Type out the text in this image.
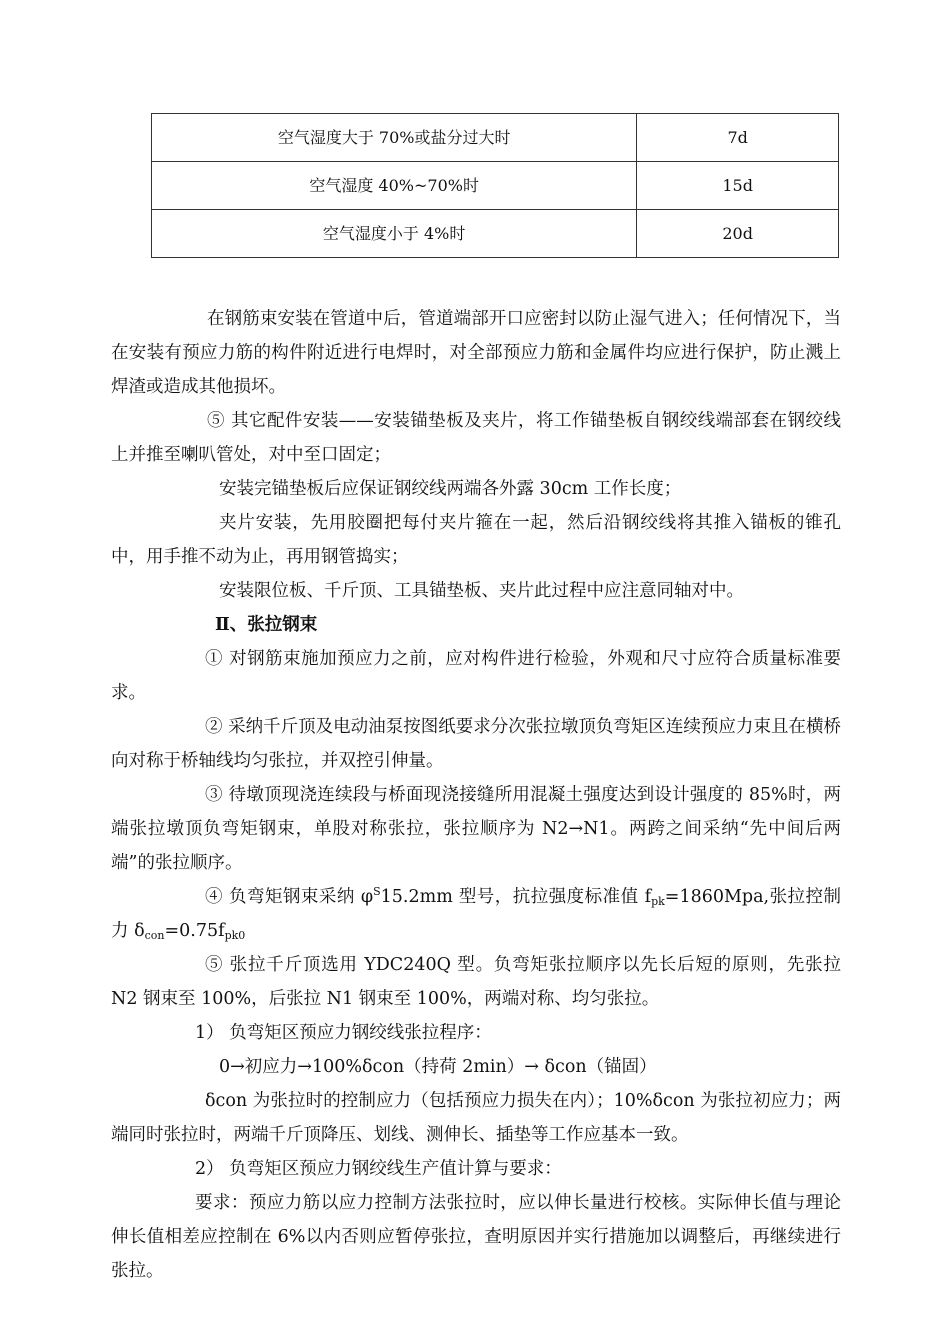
空气湿度大于 70%或盐分过大时	7d
空气湿度 40%~70%时	15d
空气湿度小于 4%时	20d

在钢筋束安装在管道中后，管道端部开口应密封以防止湿气进入；任何情况下，当在安装有预应力筋的构件附近进行电焊时，对全部预应力筋和金属件均应进行保护，防止溅上焊渣或造成其他损坏。

⑤ 其它配件安装——安装锚垫板及夹片，将工作锚垫板自钢绞线端部套在钢绞线上并推至喇叭管处，对中至口固定；

安装完锚垫板后应保证钢绞线两端各外露 30cm 工作长度；

夹片安装，先用胶圈把每付夹片箍在一起，然后沿钢绞线将其推入锚板的锥孔中，用手推不动为止，再用钢管捣实；

安装限位板、千斤顶、工具锚垫板、夹片此过程中应注意同轴对中。

Ⅱ、张拉钢束

① 对钢筋束施加预应力之前，应对构件进行检验，外观和尺寸应符合质量标准要求。

② 采纳千斤顶及电动油泵按图纸要求分次张拉墩顶负弯矩区连续预应力束且在横桥向对称于桥轴线均匀张拉，并双控引伸量。

③ 待墩顶现浇连续段与桥面现浇接缝所用混凝土强度达到设计强度的 85%时，两端张拉墩顶负弯矩钢束，单股对称张拉，张拉顺序为 N2→N1。两跨之间采纳“先中间后两端”的张拉顺序。

④ 负弯矩钢束采纳 $\varphi^S15.2mm$ 型号，抗拉强度标准值 $f_{pk}=1860Mpa$,张拉控制力 $\delta_{con}=0.75f_{pk0}$

⑤ 张拉千斤顶选用 YDC240Q 型。负弯矩张拉顺序以先长后短的原则，先张拉 N2 钢束至 100%，后张拉 N1 钢束至 100%，两端对称、均匀张拉。

1） 负弯矩区预应力钢绞线张拉程序：

0→初应力→100%δcon（持荷 2min）→ δcon（锚固）

δcon 为张拉时的控制应力（包括预应力损失在内）；10%δcon 为张拉初应力；两端同时张拉时，两端千斤顶降压、划线、测伸长、插垫等工作应基本一致。

2） 负弯矩区预应力钢绞线生产值计算与要求：

要求：预应力筋以应力控制方法张拉时，应以伸长量进行校核。实际伸长值与理论伸长值相差应控制在 6%以内否则应暂停张拉，查明原因并实行措施加以调整后，再继续进行张拉。
